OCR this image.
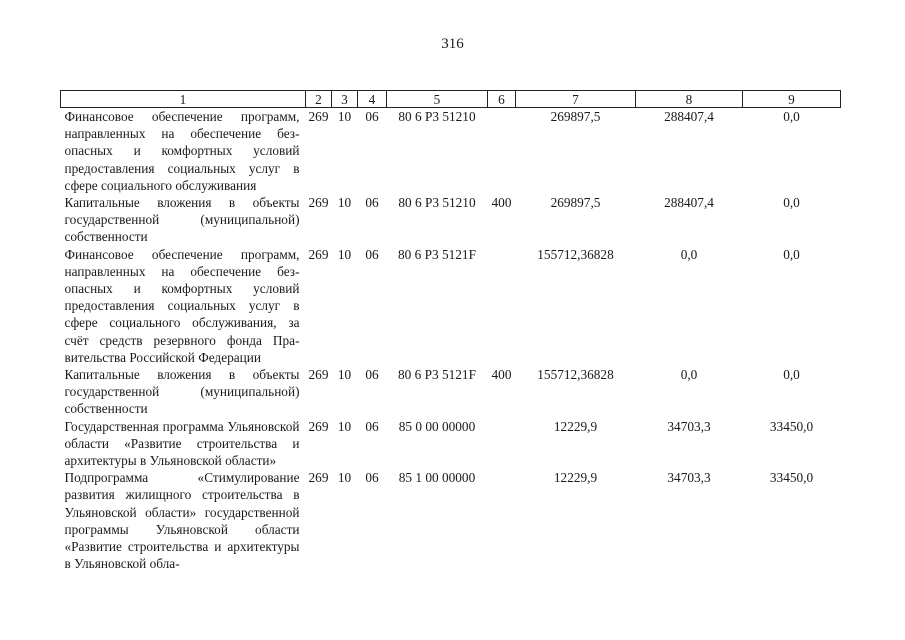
316
1	2	3	4	5	6	7	8	9
Финансовое обеспечение программ, направленных на обеспечение безопасных и комфортных условий предоставления социальных услуг в сфере социального обслуживания	269	10	06	80 6 P3 51210		269897,5	288407,4	0,0
Капитальные вложения в объекты государственной (муниципальной) собственности	269	10	06	80 6 P3 51210	400	269897,5	288407,4	0,0
Финансовое обеспечение программ, направленных на обеспечение безопасных и комфортных условий предоставления социальных услуг в сфере социального обслуживания, за счёт средств резервного фонда Правительства Российской Федерации	269	10	06	80 6 P3 5121F		155712,36828	0,0	0,0
Капитальные вложения в объекты государственной (муниципальной) собственности	269	10	06	80 6 P3 5121F	400	155712,36828	0,0	0,0
Государственная программа Ульяновской области «Развитие строительства и архитектуры в Ульяновской области»	269	10	06	85 0 00 00000		12229,9	34703,3	33450,0
Подпрограмма «Стимулирование развития жилищного строительства в Ульяновской области» государственной программы Ульяновской области «Развитие строительства и архитектуры в Ульяновской обла-	269	10	06	85 1 00 00000		12229,9	34703,3	33450,0
